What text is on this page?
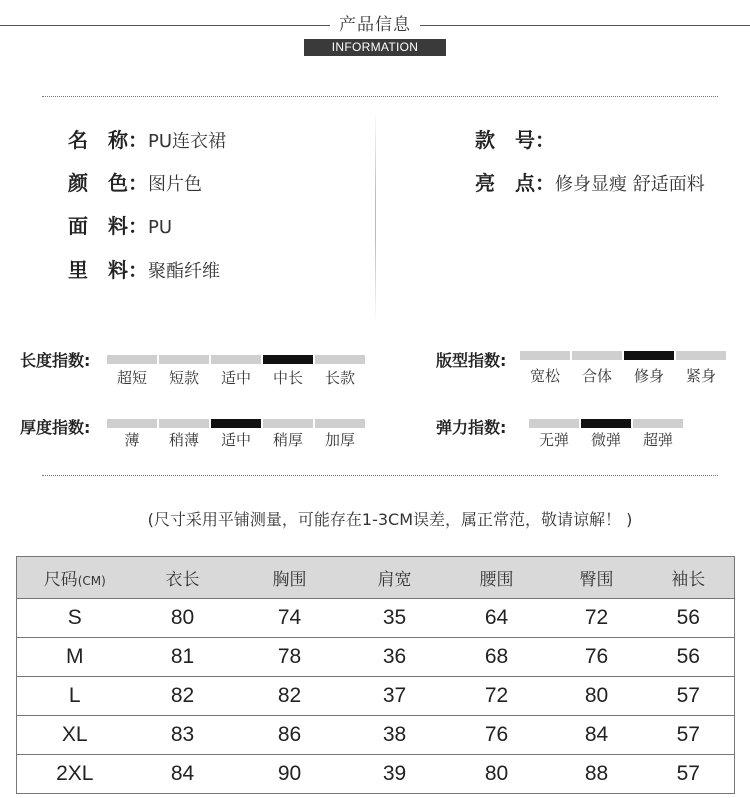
产品信息
INFORMATION
名　称：PU连衣裙
颜　色：图片色
面　料：PU
里　料：聚酯纤维
款　号：
亮　点：修身显瘦 舒适面料
长度指数:
超短	短款	适中	中长	长款
版型指数:
宽松	合体	修身	紧身
厚度指数:
薄	稍薄	适中	稍厚	加厚
弹力指数:
无弹	微弹	超弹
(尺寸采用平铺测量，可能存在1-3CM误差，属正常范，敬请谅解！ )
尺码(CM)	衣长	胸围	肩宽	腰围	臀围	袖长
S	80	74	35	64	72	56
M	81	78	36	68	76	56
L	82	82	37	72	80	57
XL	83	86	38	76	84	57
2XL	84	90	39	80	88	57
